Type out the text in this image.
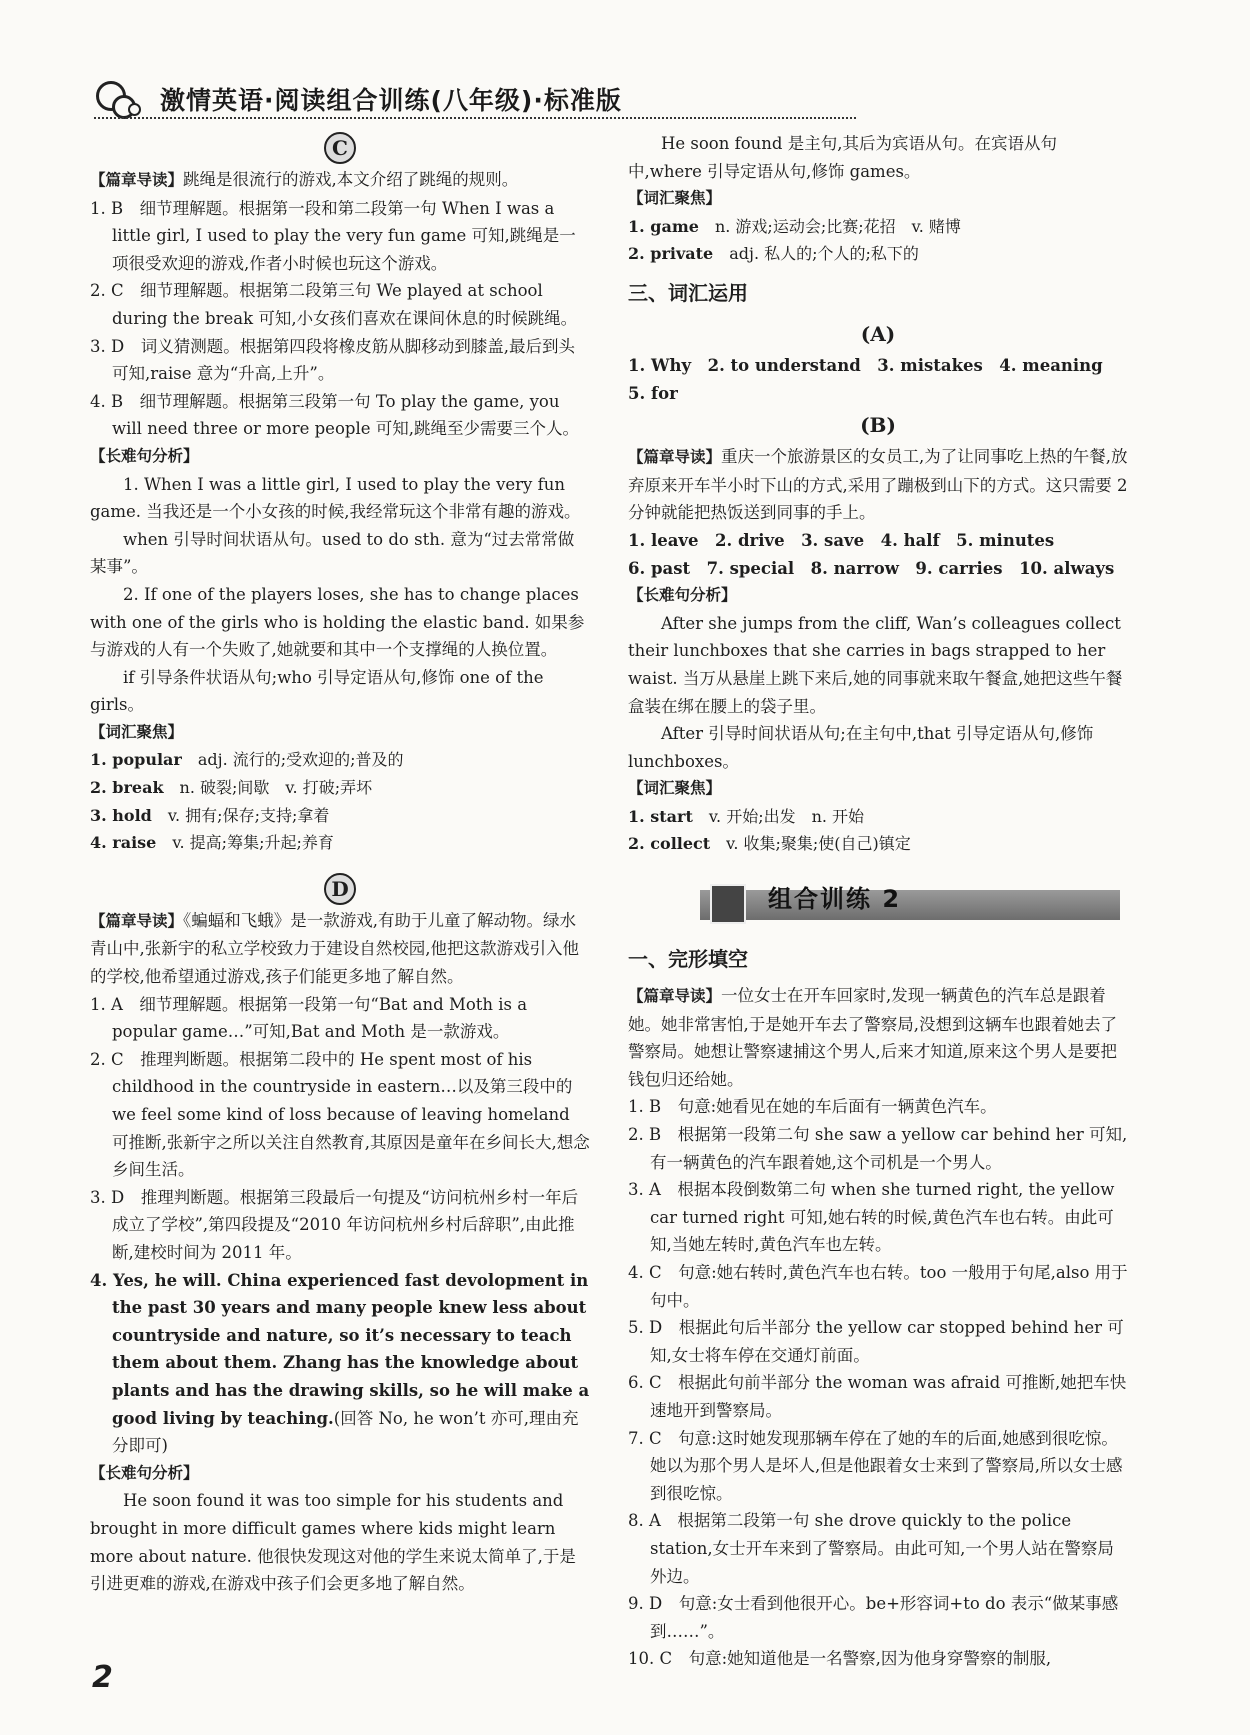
激情英语·阅读组合训练(八年级)·标准版
C

【篇章导读】跳绳是很流行的游戏,本文介绍了跳绳的规则。

1. B　细节理解题。根据第一段和第二段第一句 When I was a little girl, I used to play the very fun game 可知,跳绳是一项很受欢迎的游戏,作者小时候也玩这个游戏。

2. C　细节理解题。根据第二段第三句 We played at school during the break 可知,小女孩们喜欢在课间休息的时候跳绳。

3. D　词义猜测题。根据第四段将橡皮筋从脚移动到膝盖,最后到头可知,raise 意为“升高,上升”。

4. B　细节理解题。根据第三段第一句 To play the game, you will need three or more people 可知,跳绳至少需要三个人。

【长难句分析】

1. When I was a little girl, I used to play the very fun game. 当我还是一个小女孩的时候,我经常玩这个非常有趣的游戏。

when 引导时间状语从句。used to do sth. 意为“过去常常做某事”。

2. If one of the players loses, she has to change places with one of the girls who is holding the elastic band. 如果参与游戏的人有一个失败了,她就要和其中一个支撑绳的人换位置。

if 引导条件状语从句;who 引导定语从句,修饰 one of the girls。

【词汇聚焦】

1. popular　 adj. 流行的;受欢迎的;普及的

2. break　 n. 破裂;间歇　v. 打破;弄坏

3. hold　 v. 拥有;保存;支持;拿着

4. raise　 v. 提高;筹集;升起;养育

D

【篇章导读】《蝙蝠和飞蛾》是一款游戏,有助于儿童了解动物。绿水青山中,张新宇的私立学校致力于建设自然校园,他把这款游戏引入他的学校,他希望通过游戏,孩子们能更多地了解自然。

1. A　细节理解题。根据第一段第一句“Bat and Moth is a popular game…”可知,Bat and Moth 是一款游戏。

2. C　推理判断题。根据第二段中的 He spent most of his childhood in the countryside in eastern…以及第三段中的 we feel some kind of loss because of leaving homeland 可推断,张新宇之所以关注自然教育,其原因是童年在乡间长大,想念乡间生活。

3. D　推理判断题。根据第三段最后一句提及“访问杭州乡村一年后成立了学校”,第四段提及“2010 年访问杭州乡村后辞职”,由此推断,建校时间为 2011 年。

4. Yes, he will. China experienced fast devolopment in the past 30 years and many people knew less about countryside and nature, so it’s necessary to teach them about them. Zhang has the knowledge about plants and has the drawing skills, so he will make a good living by teaching.(回答 No, he won’t 亦可,理由充分即可)

【长难句分析】

He soon found it was too simple for his students and brought in more difficult games where kids might learn more about nature. 他很快发现这对他的学生来说太简单了,于是引进更难的游戏,在游戏中孩子们会更多地了解自然。

He soon found 是主句,其后为宾语从句。在宾语从句中,where 引导定语从句,修饰 games。

【词汇聚焦】

1. game　 n. 游戏;运动会;比赛;花招　v. 赌博

2. private　 adj. 私人的;个人的;私下的

三、词汇运用
(A)

1. Why　2. to understand　3. mistakes　4. meaning　5. for

(B)

【篇章导读】重庆一个旅游景区的女员工,为了让同事吃上热的午餐,放弃原来开车半小时下山的方式,采用了蹦极到山下的方式。这只需要 2 分钟就能把热饭送到同事的手上。

1. leave　2. drive　3. save　4. half　5. minutes

6. past　7. special　8. narrow　9. carries　10. always

【长难句分析】

After she jumps from the cliff, Wan’s colleagues collect their lunchboxes that she carries in bags strapped to her waist. 当万从悬崖上跳下来后,她的同事就来取午餐盒,她把这些午餐盒装在绑在腰上的袋子里。

After 引导时间状语从句;在主句中,that 引导定语从句,修饰 lunchboxes。

【词汇聚焦】

1. start　 v. 开始;出发　n. 开始

2. collect　 v. 收集;聚集;使(自己)镇定

组合训练 2
一、完形填空

【篇章导读】一位女士在开车回家时,发现一辆黄色的汽车总是跟着她。她非常害怕,于是她开车去了警察局,没想到这辆车也跟着她去了警察局。她想让警察逮捕这个男人,后来才知道,原来这个男人是要把钱包归还给她。

1. B　句意:她看见在她的车后面有一辆黄色汽车。

2. B　根据第一段第二句 she saw a yellow car behind her 可知,有一辆黄色的汽车跟着她,这个司机是一个男人。

3. A　根据本段倒数第二句 when she turned right, the yellow car turned right 可知,她右转的时候,黄色汽车也右转。由此可知,当她左转时,黄色汽车也左转。

4. C　句意:她右转时,黄色汽车也右转。too 一般用于句尾,also 用于句中。

5. D　根据此句后半部分 the yellow car stopped behind her 可知,女士将车停在交通灯前面。

6. C　根据此句前半部分 the woman was afraid 可推断,她把车快速地开到警察局。

7. C　句意:这时她发现那辆车停在了她的车的后面,她感到很吃惊。她以为那个男人是坏人,但是他跟着女士来到了警察局,所以女士感到很吃惊。

8. A　根据第二段第一句 she drove quickly to the police station,女士开车来到了警察局。由此可知,一个男人站在警察局外边。

9. D　句意:女士看到他很开心。be+形容词+to do 表示“做某事感到……”。

10. C　句意:她知道他是一名警察,因为他身穿警察的制服,

2
